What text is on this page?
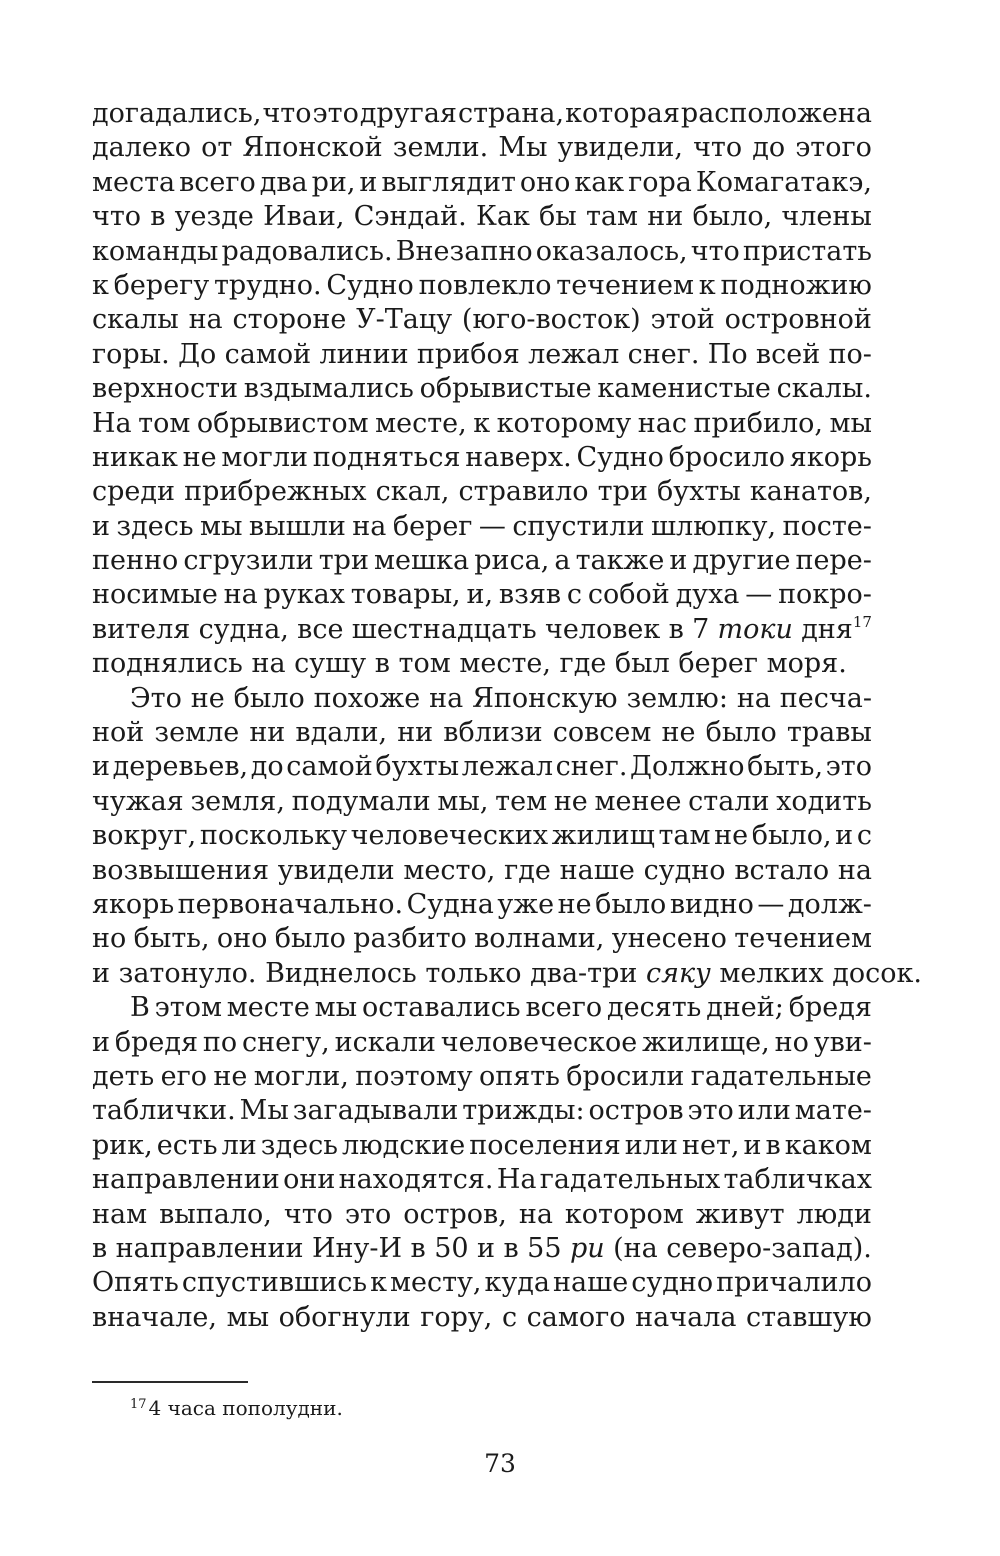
догадались, что это другая страна, которая расположена
далеко от Японской земли. Мы увидели, что до этого
места всего два ри, и выглядит оно как гора Комагатакэ,
что в уезде Иваи, Сэндай. Как бы там ни было, члены
команды радовались. Внезапно оказалось, что пристать
к берегу трудно. Судно повлекло течением к подножию
скалы на стороне У-Тацу (юго-восток) этой островной
горы. До самой линии прибоя лежал снег. По всей по-
верхности вздымались обрывистые каменистые скалы.
На том обрывистом месте, к которому нас прибило, мы
никак не могли подняться наверх. Судно бросило якорь
среди прибрежных скал, стравило три бухты канатов,
и здесь мы вышли на берег — спустили шлюпку, посте-
пенно сгрузили три мешка риса, а также и другие пере-
носимые на руках товары, и, взяв с собой духа — покро-
вителя судна, все шестнадцать человек в 7 токи дня$^{17}$
поднялись на сушу в том месте, где был берег моря.
Это не было похоже на Японскую землю: на песча-
ной земле ни вдали, ни вблизи совсем не было травы
и деревьев, до самой бухты лежал снег. Должно быть, это
чужая земля, подумали мы, тем не менее стали ходить
вокруг, поскольку человеческих жилищ там не было, и с
возвышения увидели место, где наше судно встало на
якорь первоначально. Судна уже не было видно — долж-
но быть, оно было разбито волнами, унесено течением
и затонуло. Виднелось только два-три сяку мелких досок.
В этом месте мы оставались всего десять дней; бредя
и бредя по снегу, искали человеческое жилище, но уви-
деть его не могли, поэтому опять бросили гадательные
таблички. Мы загадывали трижды: остров это или мате-
рик, есть ли здесь людские поселения или нет, и в каком
направлении они находятся. На гадательных табличках
нам выпало, что это остров, на котором живут люди
в направлении Ину-И в 50 и в 55 ри (на северо-запад).
Опять спустившись к месту, куда наше судно причалило
вначале, мы обогнули гору, с самого начала ставшую
$^{17}$ 4 часа пополудни.
73
